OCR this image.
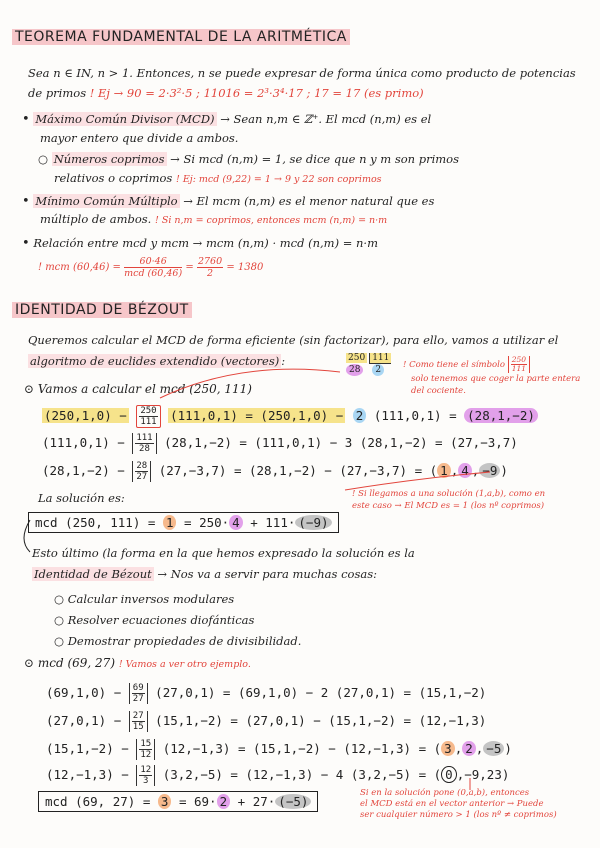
TEOREMA FUNDAMENTAL DE LA ARITMÉTICA
Sea n ∈ IN, n > 1. Entonces, n se puede expresar de forma única como producto de potencias
de primos ! Ej → 90 = 2·3²·5 ; 11016 = 2³·3⁴·17 ; 17 = 17 (es primo)
• Máximo Común Divisor (MCD) → Sean n,m ∈ ℤ⁺. El mcd (n,m) es el
mayor entero que divide a ambos.
○ Números coprimos → Si mcd (n,m) = 1, se dice que n y m son primos
relativos o coprimos ! Ej: mcd (9,22) = 1 → 9 y 22 son coprimos
• Mínimo Común Múltiplo → El mcm (n,m) es el menor natural que es
múltiplo de ambos. ! Si n,m = coprimos, entonces mcm (n,m) = n·m
• Relación entre mcd y mcm → mcm (n,m) · mcd (n,m) = n·m
! mcm $(60,46) = \frac{60\cdot 46}{\text{mcd (60,46)}} = \frac{2760}{2} = 1380$
IDENTIDAD DE BÉZOUT
Queremos calcular el MCD de forma eficiente (sin factorizar), para ello, vamos a utilizar el
algoritmo de euclides extendido (vectores) :	250 111
28 2	! Como tiene el símbolo $\frac{250}{111}$
solo tenemos que coger la parte entera
del cociente.
⊙ Vamos a calcular el mcd (250, 111)
$(250,1,0) - \frac{250}{111} (111,0,1) = (250,1,0) - 2$ (111,0,1) = (28,1,−2)
$(111,0,1) - \frac{111}{28} (28,1,-2) = (111,0,1) - 3$ (28,1,−2) = (27,−3,7)
$(28,1,-2) - \frac{28}{27} (27,-3,7) = (28,1,-2) - (27,-3,7)$ = ( 1 , 4 , −9 )
! Si llegamos a una solución (1,a,b), como en
este caso → El MCD es = 1 (los nº coprimos)
La solución es:
mcd (250, 111) = 1 = 250· 4 + 111· (−9)
Esto último (la forma en la que hemos expresado la solución es la
Identidad de Bézout → Nos va a servir para muchas cosas:
○ Calcular inversos modulares
○ Resolver ecuaciones diofánticas
○ Demostrar propiedades de divisibilidad.
⊙ mcd (69, 27) ! Vamos a ver otro ejemplo.
$(69,1,0) - \frac{69}{27} (27,0,1) = (69,1,0) - 2$ (27,0,1) = (15,1,−2)
$(27,0,1) - \frac{27}{15} (15,1,-2) = (27,0,1) - (15,1,-2) = (12,-1,3)$
$(15,1,-2) - \frac{15}{12} (12,-1,3) = (15,1,-2) - (12,-1,3)$ = ( 3 , 2 , −5 )
$(12,-1,3) - \frac{12}{3} (3,2,-5) = (12,-1,3) - 4$ (3,2,−5) = ( 0 ,−9,23)
mcd (69, 27) = 3 = 69· 2 + 27· (−5)
Si en la solución pone (0,a,b), entonces
el MCD está en el vector anterior → Puede
ser cualquier número > 1 (los nº ≠ coprimos)
